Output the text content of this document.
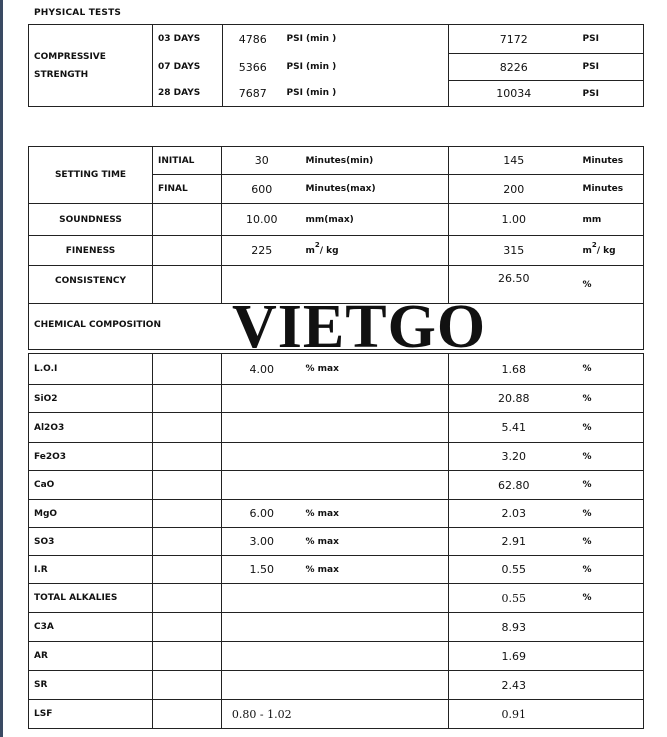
PHYSICAL TESTS
COMPRESSIVE
STRENGTH	03 DAYS	4786	PSI (min )	7172	PSI
	07 DAYS	5366	PSI (min )	8226	PSI
	28 DAYS	7687	PSI (min )	10034	PSI
SETTING TIME	INITIAL	30	Minutes(min)	145	Minutes
	FINAL	600	Minutes(max)	200	Minutes
SOUNDNESS		10.00	mm(max)	1.00	mm
FINENESS		225	$m^2/$ kg	315	$m^2/$ kg
CONSISTENCY				26.50	%
CHEMICAL COMPOSITION					
L.O.I		4.00	% max	1.68	%
SiO2				20.88	%
Al2O3				5.41	%
Fe2O3				3.20	%
CaO				62.80	%
MgO		6.00	% max	2.03	%
SO3		3.00	% max	2.91	%
I.R		1.50	% max	0.55	%
TOTAL ALKALIES				0.55	%
C3A				8.93	
AR				1.69	
SR				2.43	
LSF		0.80 - 1.02		0.91	
VIETGO
